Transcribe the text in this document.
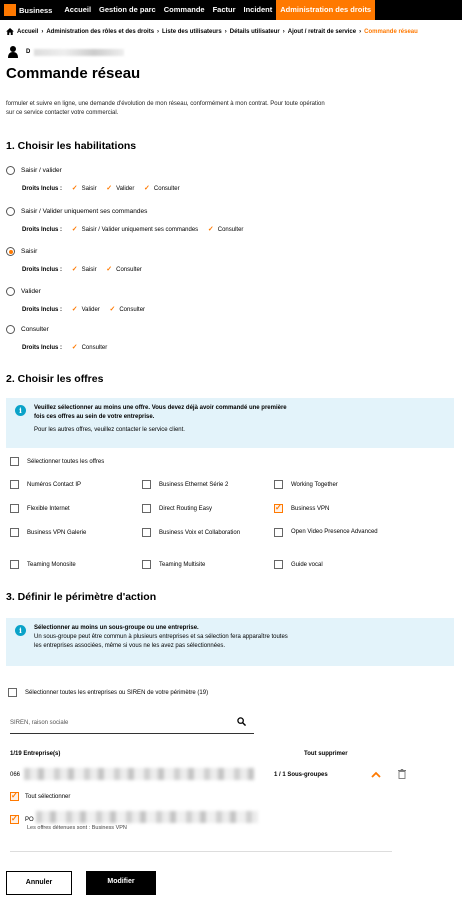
Business	Accueil	Gestion de parc	Commande	Factur	Incident	Administration des droits
Accueil › Administration des rôles et des droits › Liste des utilisateurs › Détails utilisateur › Ajout / retrait de service › Commande réseau
D
Commande réseau
formuler et suivre en ligne, une demande d'évolution de mon réseau, conformément à mon contrat. Pour toute opération
sur ce service contacter votre commercial.
1. Choisir les habilitations
Saisir / valider
Droits Inclus : ✓ Saisir ✓ Valider ✓ Consulter
Saisir / Valider uniquement ses commandes
Droits Inclus : ✓ Saisir / Valider uniquement ses commandes ✓ Consulter
Saisir
Droits Inclus : ✓ Saisir ✓ Consulter
Valider
Droits Inclus : ✓ Valider ✓ Consulter
Consulter
Droits Inclus : ✓ Consulter
2. Choisir les offres
i	Veuillez sélectionner au moins une offre. Vous devez déjà avoir commandé une première
fois ces offres au sein de votre entreprise.
Pour les autres offres, veuillez contacter le service client.
Sélectionner toutes les offres
Numéros Contact IP	Business Ethernet Série 2	Working Together
Flexible Internet	Direct Routing Easy
✓	Business VPN
Business VPN Galerie	Business Voix et Collaboration	Open Video Presence Advanced
Teaming Monosite	Teaming Multisite	Guide vocal
3. Définir le périmètre d'action
i	Sélectionner au moins un sous-groupe ou une entreprise.
Un sous-groupe peut être commun à plusieurs entreprises et sa sélection fera apparaître toutes
les entreprises associées, même si vous ne les avez pas sélectionnées.
Sélectionner toutes les entreprises ou SIREN de votre périmètre (19)
SIREN, raison sociale
1/19 Entreprise(s)	Tout supprimer
066	1 / 1 Sous-groupes
✓Tout sélectionner
✓PO
Les offres détenues sont : Business VPN
Annuler	Modifier
